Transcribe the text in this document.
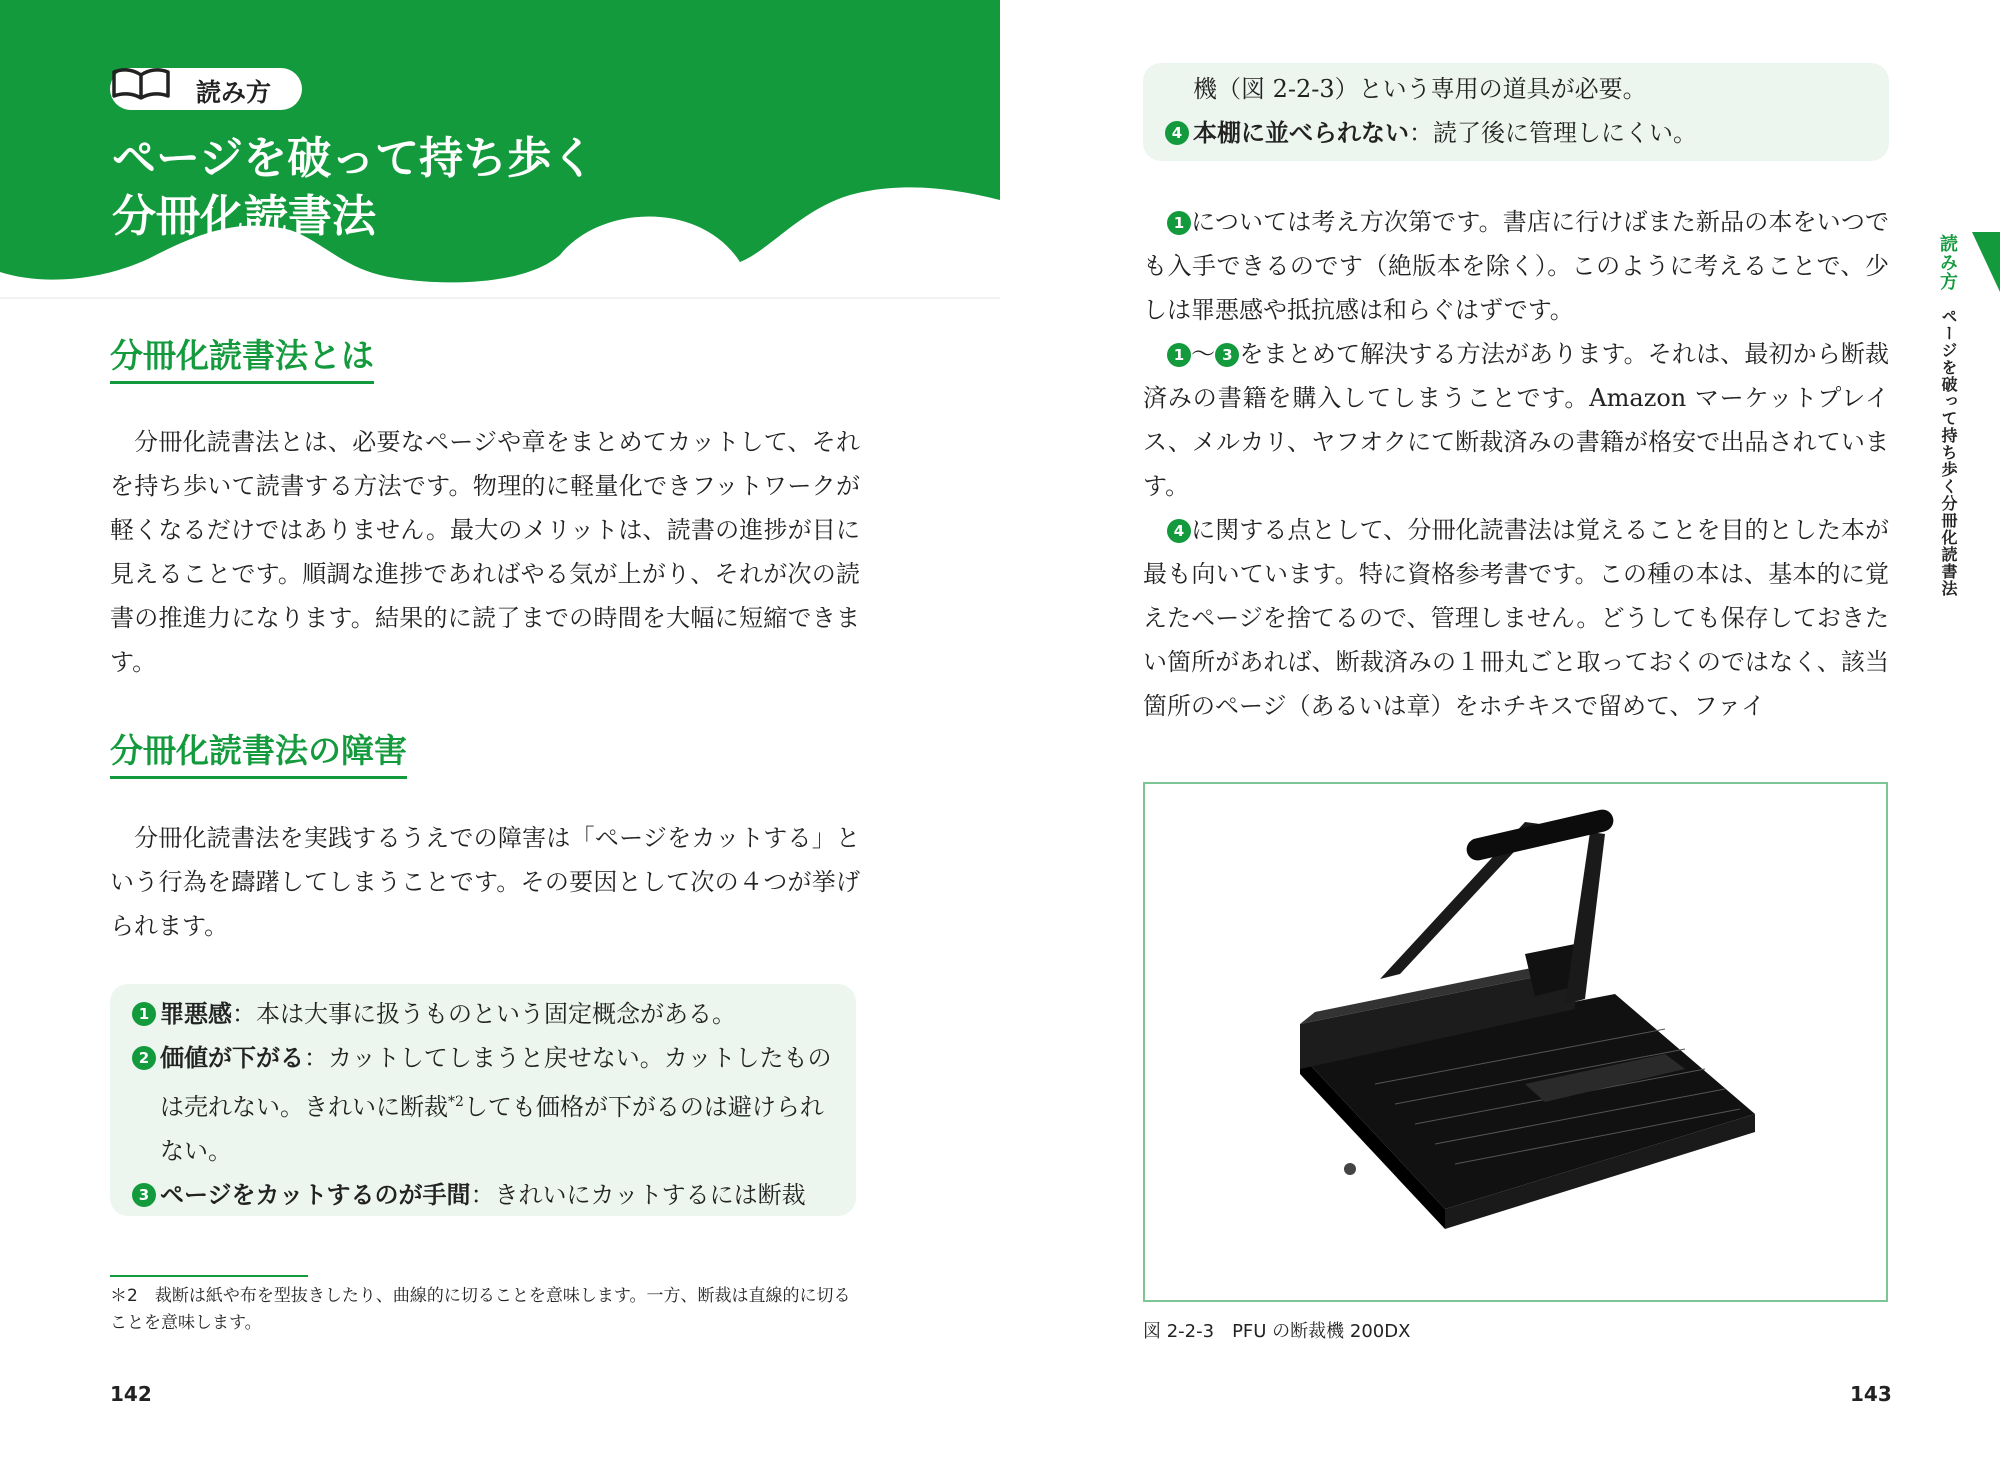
読み方
ページを破って持ち歩く
分冊化読書法
分冊化読書法とは
分冊化読書法とは、必要なページや章をまとめてカットして、それを持ち歩いて読書する方法です。物理的に軽量化できフットワークが軽くなるだけではありません。最大のメリットは、読書の進捗が目に見えることです。順調な進捗であればやる気が上がり、それが次の読書の推進力になります。結果的に読了までの時間を大幅に短縮できます。
分冊化読書法の障害
分冊化読書法を実践するうえでの障害は「ページをカットする」という行為を躊躇してしまうことです。その要因として次の４つが挙げられます。
1 罪悪感：本は大事に扱うものという固定概念がある。
2 価値が下がる：カットしてしまうと戻せない。カットしたものは売れない。きれいに断裁$^{*2}$しても価格が下がるのは避けられない。
3 ページをカットするのが手間：きれいにカットするには断裁
＊2　裁断は紙や布を型抜きしたり、曲線的に切ることを意味します。一方、断裁は直線的に切ることを意味します。
142
機（図 2-2-3）という専用の道具が必要。
4 本棚に並べられない：読了後に管理しにくい。
1 については考え方次第です。書店に行けばまた新品の本をいつでも入手できるのです（絶版本を除く）。このように考えることで、少しは罪悪感や抵抗感は和らぐはずです。
1 〜 3 をまとめて解決する方法があります。それは、最初から断裁済みの書籍を購入してしまうことです。Amazon マーケットプレイス、メルカリ、ヤフオクにて断裁済みの書籍が格安で出品されています。
4 に関する点として、分冊化読書法は覚えることを目的とした本が最も向いています。特に資格参考書です。この種の本は、基本的に覚えたページを捨てるので、管理しません。どうしても保存しておきたい箇所があれば、断裁済みの１冊丸ごと取っておくのではなく、該当箇所のページ（あるいは章）をホチキスで留めて、ファイ
図 2-2-3　PFU の断裁機 200DX
読み方
ページを破って持ち歩く分冊化読書法
143
